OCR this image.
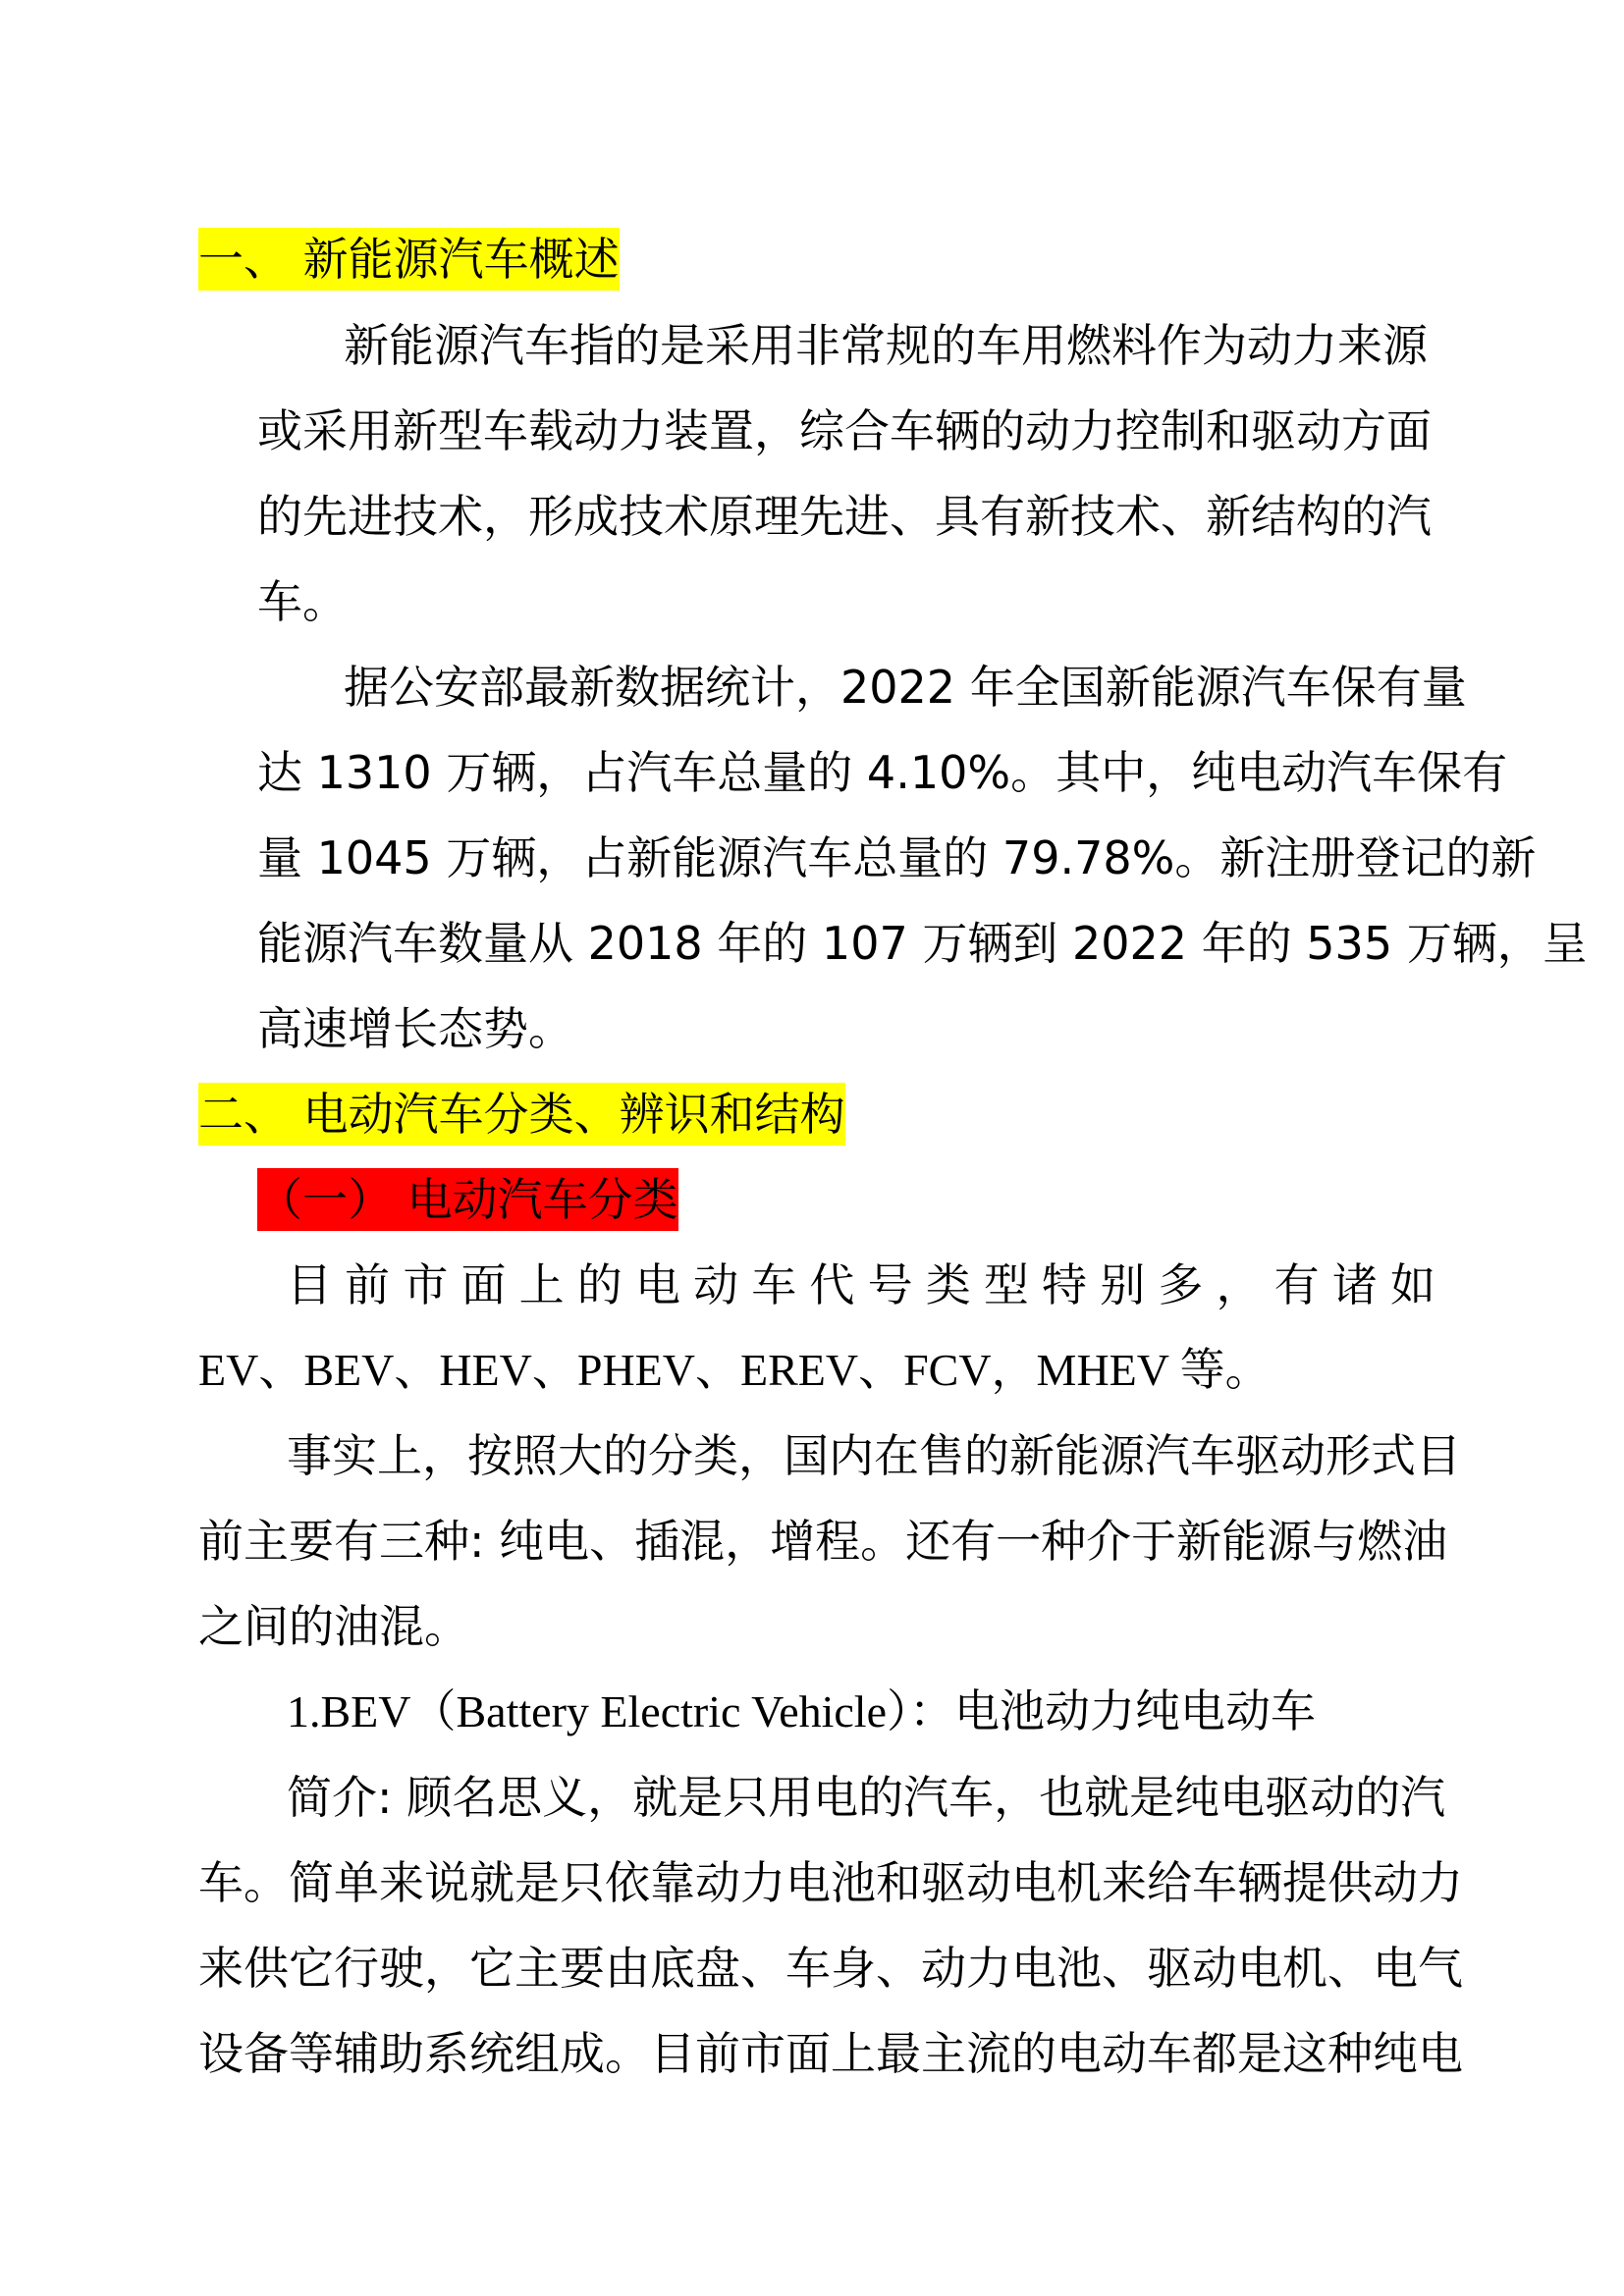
一、 新能源汽车概述
新能源汽车指的是采用非常规的车用燃料作为动力来源
或采用新型车载动力装置，综合车辆的动力控制和驱动方面
的先进技术，形成技术原理先进、具有新技术、新结构的汽
车。
据公安部最新数据统计，2022 年全国新能源汽车保有量
达 1310 万辆，占汽车总量的 4.10%。其中，纯电动汽车保有
量 1045 万辆，占新能源汽车总量的 79.78%。新注册登记的新
能源汽车数量从 2018 年的 107 万辆到 2022 年的 535 万辆，呈
高速增长态势。
二、 电动汽车分类、辨识和结构
（一） 电动汽车分类
目 前 市 面 上 的 电 动 车 代 号 类 型 特 别 多 ， 有 诸 如
EV、BEV、HEV、PHEV、EREV、FCV，MHEV 等。
事实上，按照大的分类，国内在售的新能源汽车驱动形式目
前主要有三种: 纯电、插混，增程。还有一种介于新能源与燃油
之间的油混。
1.BEV（Battery Electric Vehicle）：电池动力纯电动车
简介: 顾名思义，就是只用电的汽车，也就是纯电驱动的汽
车。简单来说就是只依靠动力电池和驱动电机来给车辆提供动力
来供它行驶，它主要由底盘、车身、动力电池、驱动电机、电气
设备等辅助系统组成。目前市面上最主流的电动车都是这种纯电
